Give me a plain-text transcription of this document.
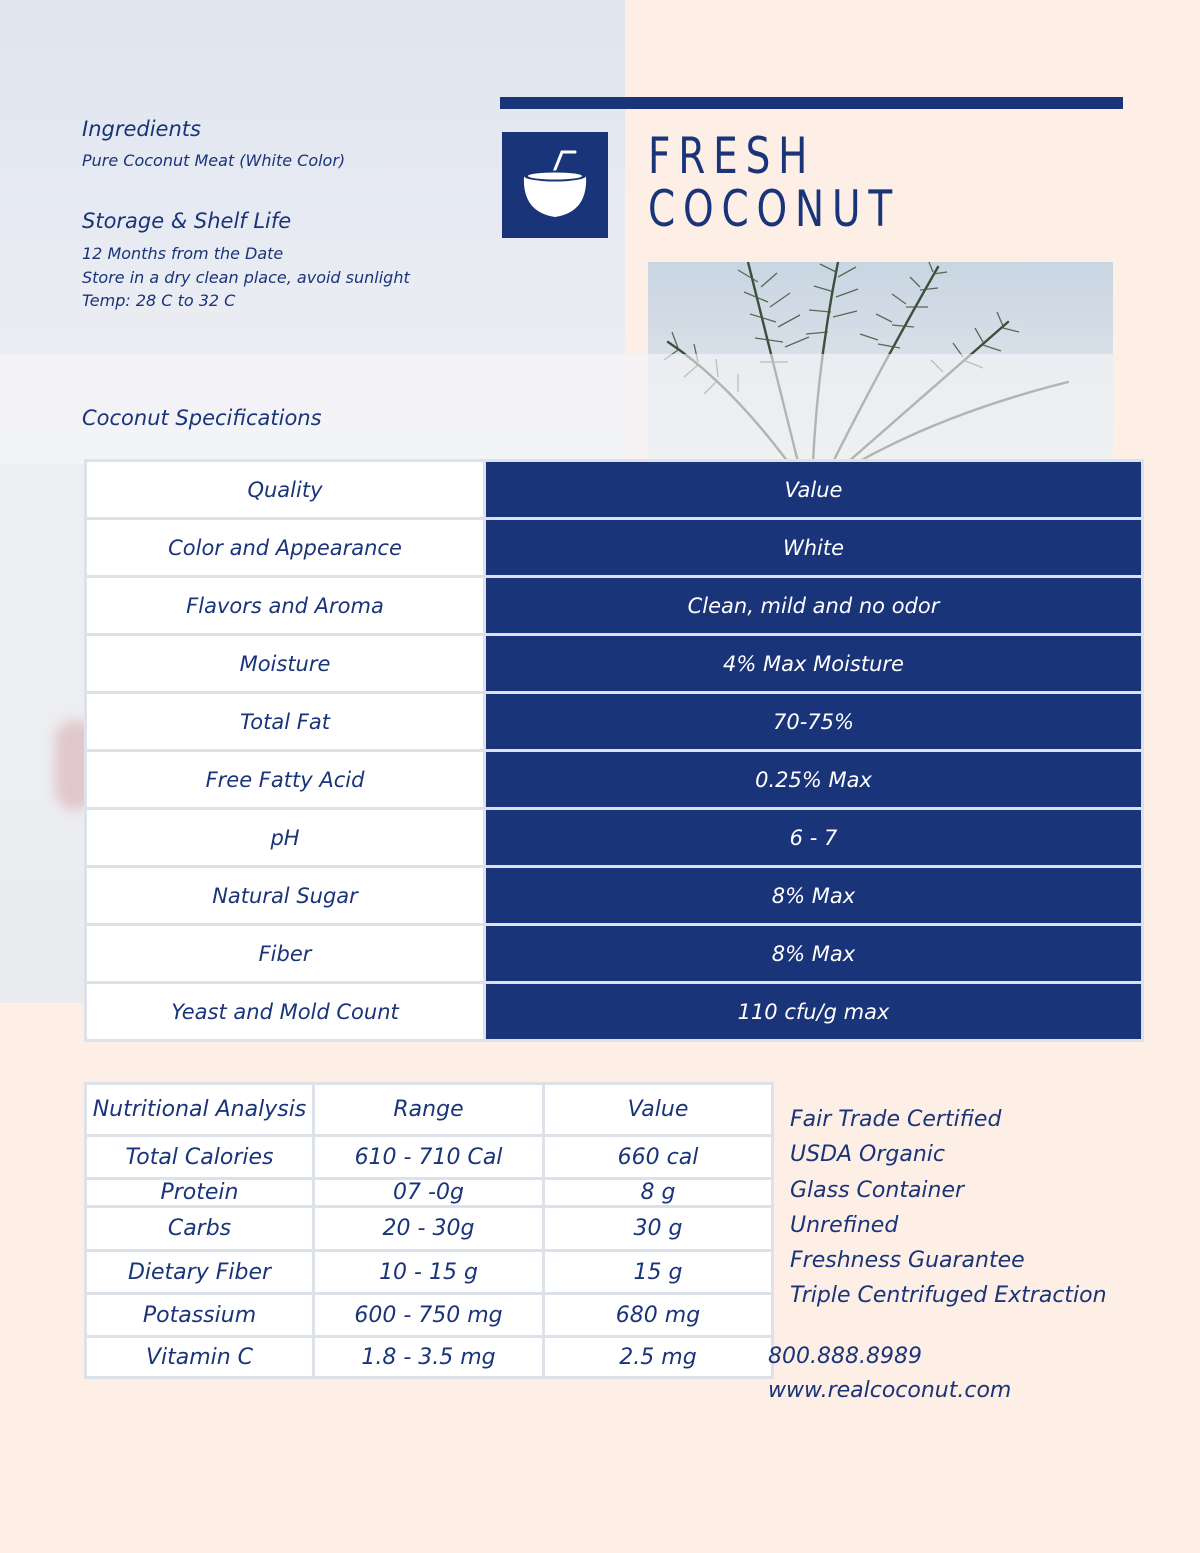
FRESH
COCONUT
Ingredients
Pure Coconut Meat (White Color)
Storage & Shelf Life
12 Months from the Date
Store in a dry clean place, avoid sunlight
Temp: 28 C to 32 C
Coconut Specifications
Quality	Value
Color and Appearance	White
Flavors and Aroma	Clean, mild and no odor
Moisture	4% Max Moisture
Total Fat	70-75%
Free Fatty Acid	0.25% Max
pH	6 - 7
Natural Sugar	8% Max
Fiber	8% Max
Yeast and Mold Count	110 cfu/g max
Nutritional Analysis	Range	Value
Total Calories	610 - 710 Cal	660 cal
Protein	07 -0g	8 g
Carbs	20 - 30g	30 g
Dietary Fiber	10 - 15 g	15 g
Potassium	600 - 750 mg	680 mg
Vitamin C	1.8 - 3.5 mg	2.5 mg
Fair Trade Certified
USDA Organic
Glass Container
Unrefined
Freshness Guarantee
Triple Centrifuged Extraction
800.888.8989
www.realcoconut.com
